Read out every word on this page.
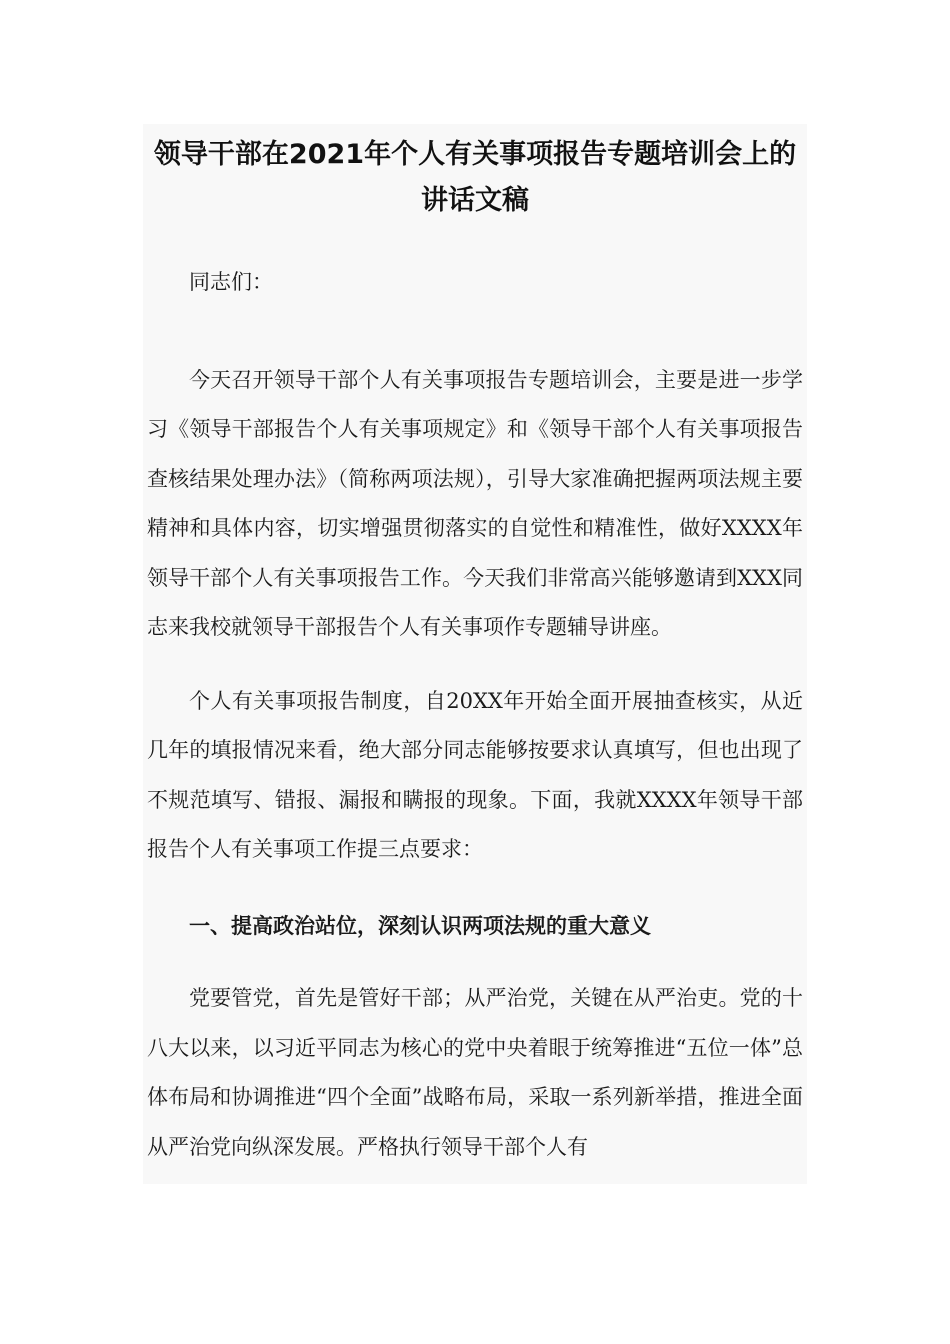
领导干部在2021年个人有关事项报告专题培训会上的讲话文稿
同志们：
今天召开领导干部个人有关事项报告专题培训会，主要是进一步学习《领导干部报告个人有关事项规定》和《领导干部个人有关事项报告查核结果处理办法》（简称两项法规），引导大家准确把握两项法规主要精神和具体内容，切实增强贯彻落实的自觉性和精准性，做好XXXX年领导干部个人有关事项报告工作。今天我们非常高兴能够邀请到XXX同志来我校就领导干部报告个人有关事项作专题辅导讲座。
个人有关事项报告制度，自20XX年开始全面开展抽查核实，从近几年的填报情况来看，绝大部分同志能够按要求认真填写，但也出现了不规范填写、错报、漏报和瞒报的现象。下面，我就XXXX年领导干部报告个人有关事项工作提三点要求：
一、提高政治站位，深刻认识两项法规的重大意义
党要管党，首先是管好干部；从严治党，关键在从严治吏。党的十八大以来，以习近平同志为核心的党中央着眼于统筹推进“五位一体”总体布局和协调推进“四个全面”战略布局，采取一系列新举措，推进全面从严治党向纵深发展。严格执行领导干部个人有
